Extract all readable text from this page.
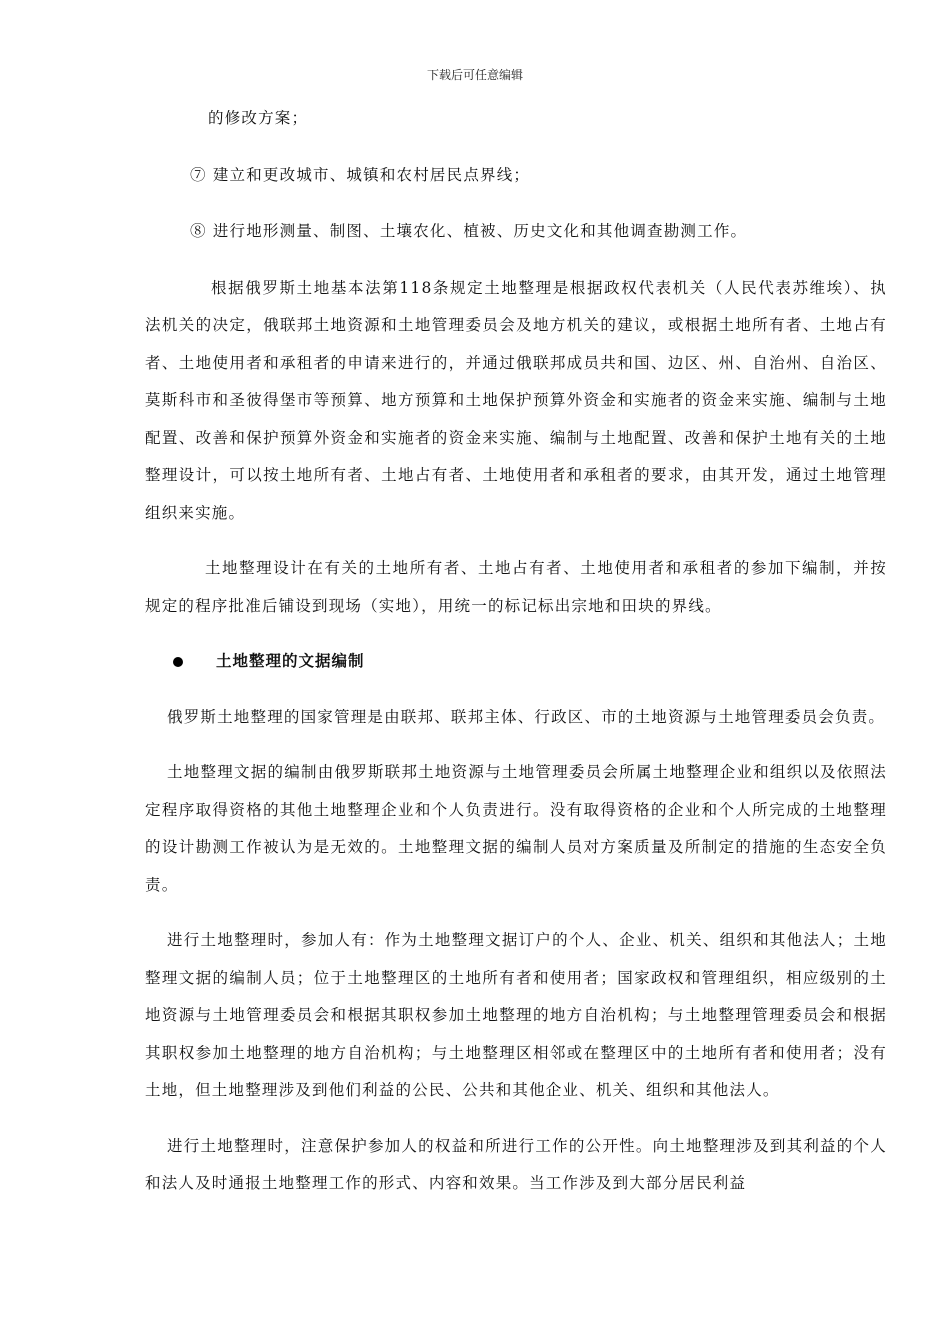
下载后可任意编辑

的修改方案；

⑦ 建立和更改城市、城镇和农村居民点界线；

⑧ 进行地形测量、制图、土壤农化、植被、历史文化和其他调查勘测工作。

根据俄罗斯土地基本法第118条规定土地整理是根据政权代表机关（人民代表苏维埃）、执法机关的决定，俄联邦土地资源和土地管理委员会及地方机关的建议，或根据土地所有者、土地占有者、土地使用者和承租者的申请来进行的，并通过俄联邦成员共和国、边区、州、自治州、自治区、莫斯科市和圣彼得堡市等预算、地方预算和土地保护预算外资金和实施者的资金来实施、编制与土地配置、改善和保护预算外资金和实施者的资金来实施、编制与土地配置、改善和保护土地有关的土地整理设计，可以按土地所有者、土地占有者、土地使用者和承租者的要求，由其开发，通过土地管理组织来实施。

土地整理设计在有关的土地所有者、土地占有者、土地使用者和承租者的参加下编制，并按规定的程序批准后铺设到现场（实地），用统一的标记标出宗地和田块的界线。

土地整理的文据编制

俄罗斯土地整理的国家管理是由联邦、联邦主体、行政区、市的土地资源与土地管理委员会负责。

土地整理文据的编制由俄罗斯联邦土地资源与土地管理委员会所属土地整理企业和组织以及依照法定程序取得资格的其他土地整理企业和个人负责进行。没有取得资格的企业和个人所完成的土地整理的设计勘测工作被认为是无效的。土地整理文据的编制人员对方案质量及所制定的措施的生态安全负责。

进行土地整理时，参加人有：作为土地整理文据订户的个人、企业、机关、组织和其他法人；土地整理文据的编制人员；位于土地整理区的土地所有者和使用者；国家政权和管理组织，相应级别的土地资源与土地管理委员会和根据其职权参加土地整理的地方自治机构；与土地整理管理委员会和根据其职权参加土地整理的地方自治机构；与土地整理区相邻或在整理区中的土地所有者和使用者；没有土地，但土地整理涉及到他们利益的公民、公共和其他企业、机关、组织和其他法人。

进行土地整理时，注意保护参加人的权益和所进行工作的公开性。向土地整理涉及到其利益的个人和法人及时通报土地整理工作的形式、内容和效果。当工作涉及到大部分居民利益
